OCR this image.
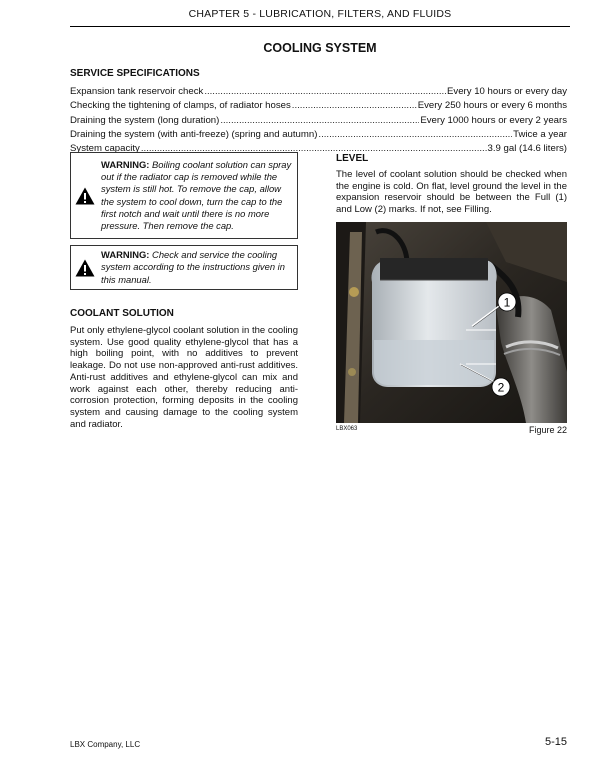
CHAPTER 5 - LUBRICATION, FILTERS, AND FLUIDS
COOLING SYSTEM
SERVICE SPECIFICATIONS
Expansion tank reservoir check .....	Every 10 hours or every day
Checking the tightening of clamps, of radiator hoses .....	Every 250 hours or every 6 months
Draining the system (long duration) .....	Every 1000 hours or every 2 years
Draining the system (with anti-freeze) (spring and autumn) .....	Twice a year
System capacity .....	3.9 gal (14.6 liters)
WARNING: Boiling coolant solution can spray out if the radiator cap is removed while the system is still hot. To remove the cap, allow the system to cool down, turn the cap to the first notch and wait until there is no more pressure. Then remove the cap.
WARNING: Check and service the cooling system according to the instructions given in this manual.
COOLANT SOLUTION
Put only ethylene-glycol coolant solution in the cooling system. Use good quality ethylene-glycol that has a high boiling point, with no additives to prevent leakage. Do not use non-approved anti-rust additives. Anti-rust additives and ethylene-glycol can mix and work against each other, thereby reducing anti-corrosion protection, forming deposits in the cooling system and causing damage to the cooling system and radiator.
LEVEL
The level of coolant solution should be checked when the engine is cold. On flat, level ground the level in the expansion reservoir should be between the Full (1) and Low (2) marks. If not, see Filling.
1
2
LBX063	Figure 22
LBX Company, LLC	5-15
